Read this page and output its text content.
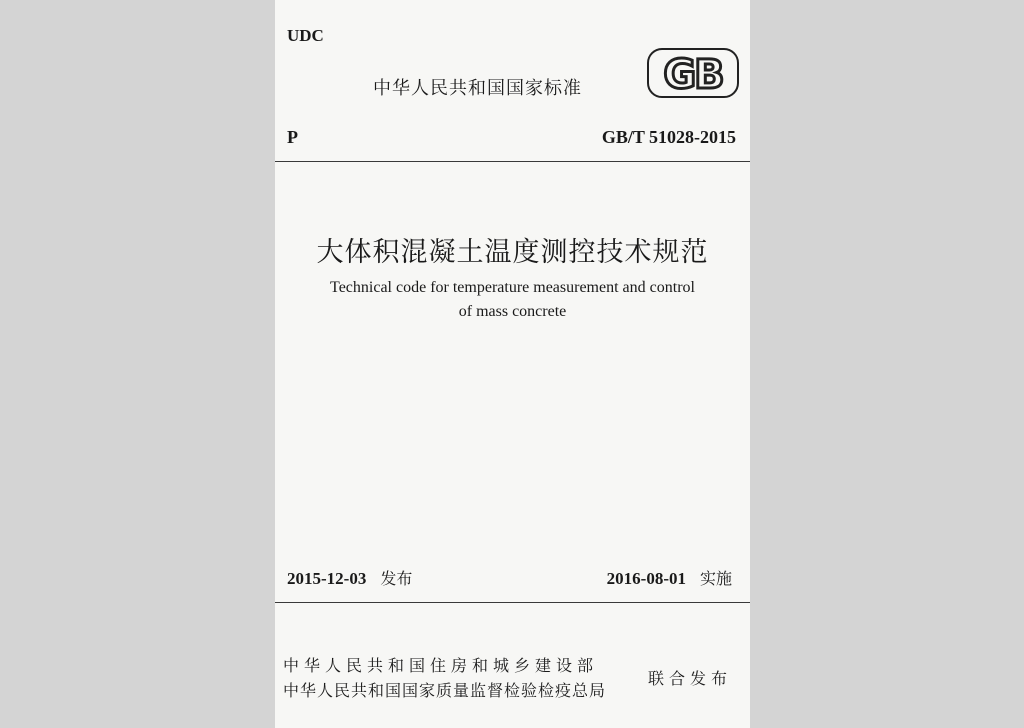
UDC
中华人民共和国国家标准 GB
P	GB/T 51028-2015
大体积混凝土温度测控技术规范
Technical code for temperature measurement and control
of mass concrete
2015-12-03 发布	2016-08-01 实施
中华人民共和国住房和城乡建设部
中华人民共和国国家质量监督检验检疫总局
联合发布
